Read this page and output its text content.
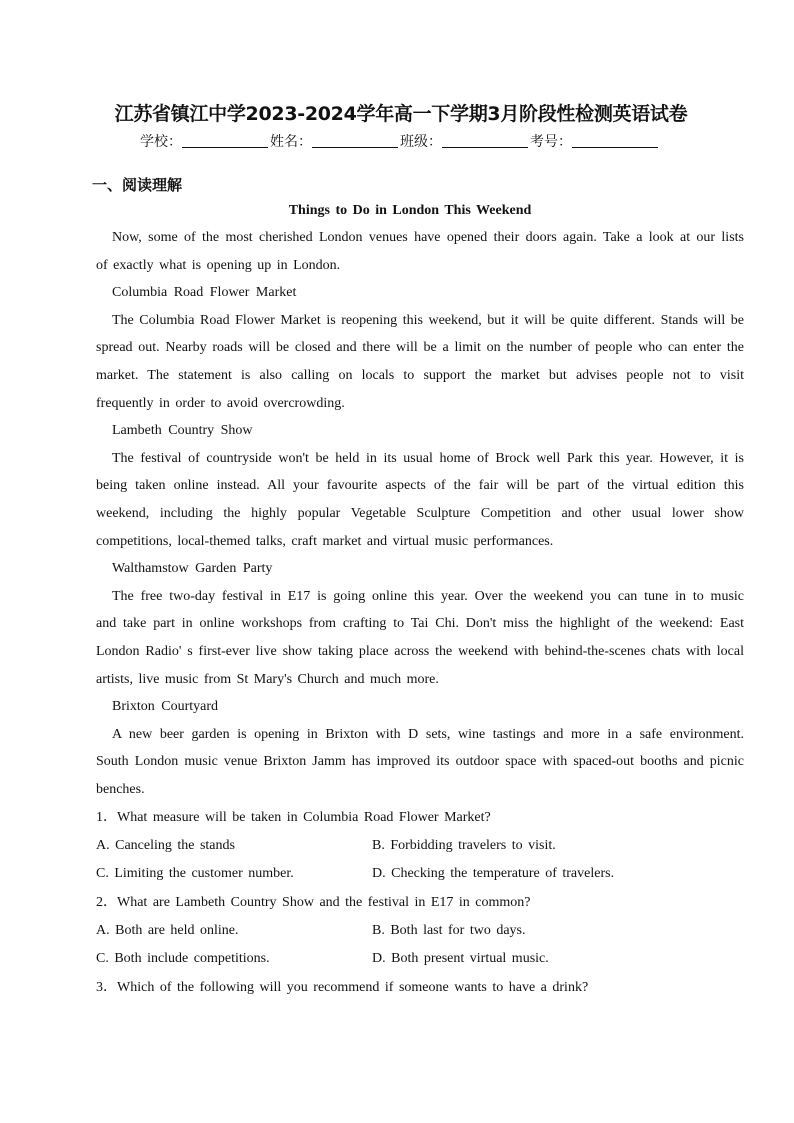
江苏省镇江中学2023-2024学年高一下学期3月阶段性检测英语试卷
学校：	姓名：	班级：	考号：
一、阅读理解
Things to Do in London This Weekend

Now, some of the most cherished London venues have opened their doors again. Take a look at our lists of exactly what is opening up in London.

Columbia Road Flower Market

The Columbia Road Flower Market is reopening this weekend, but it will be quite different. Stands will be spread out. Nearby roads will be closed and there will be a limit on the number of people who can enter the market. The statement is also calling on locals to support the market but advises people not to visit frequently in order to avoid overcrowding.

Lambeth Country Show

The festival of countryside won't be held in its usual home of Brock well Park this year. However, it is being taken online instead. All your favourite aspects of the fair will be part of the virtual edition this weekend, including the highly popular Vegetable Sculpture Competition and other usual lower show competitions, local-themed talks, craft market and virtual music performances.

Walthamstow Garden Party

The free two-day festival in E17 is going online this year. Over the weekend you can tune in to music and take part in online workshops from crafting to Tai Chi. Don't miss the highlight of the weekend: East London Radio' s first-ever live show taking place across the weekend with behind-the-scenes chats with local artists, live music from St Mary's Church and much more.

Brixton Courtyard

A new beer garden is opening in Brixton with D sets, wine tastings and more in a safe environment. South London music venue Brixton Jamm has improved its outdoor space with spaced-out booths and picnic benches.

1．What measure will be taken in Columbia Road Flower Market?
A. Canceling the stands	B. Forbidding travelers to visit.
C. Limiting the customer number.	D. Checking the temperature of travelers.
2．What are Lambeth Country Show and the festival in E17 in common?
A. Both are held online.	B. Both last for two days.
C. Both include competitions.	D. Both present virtual music.
3．Which of the following will you recommend if someone wants to have a drink?
